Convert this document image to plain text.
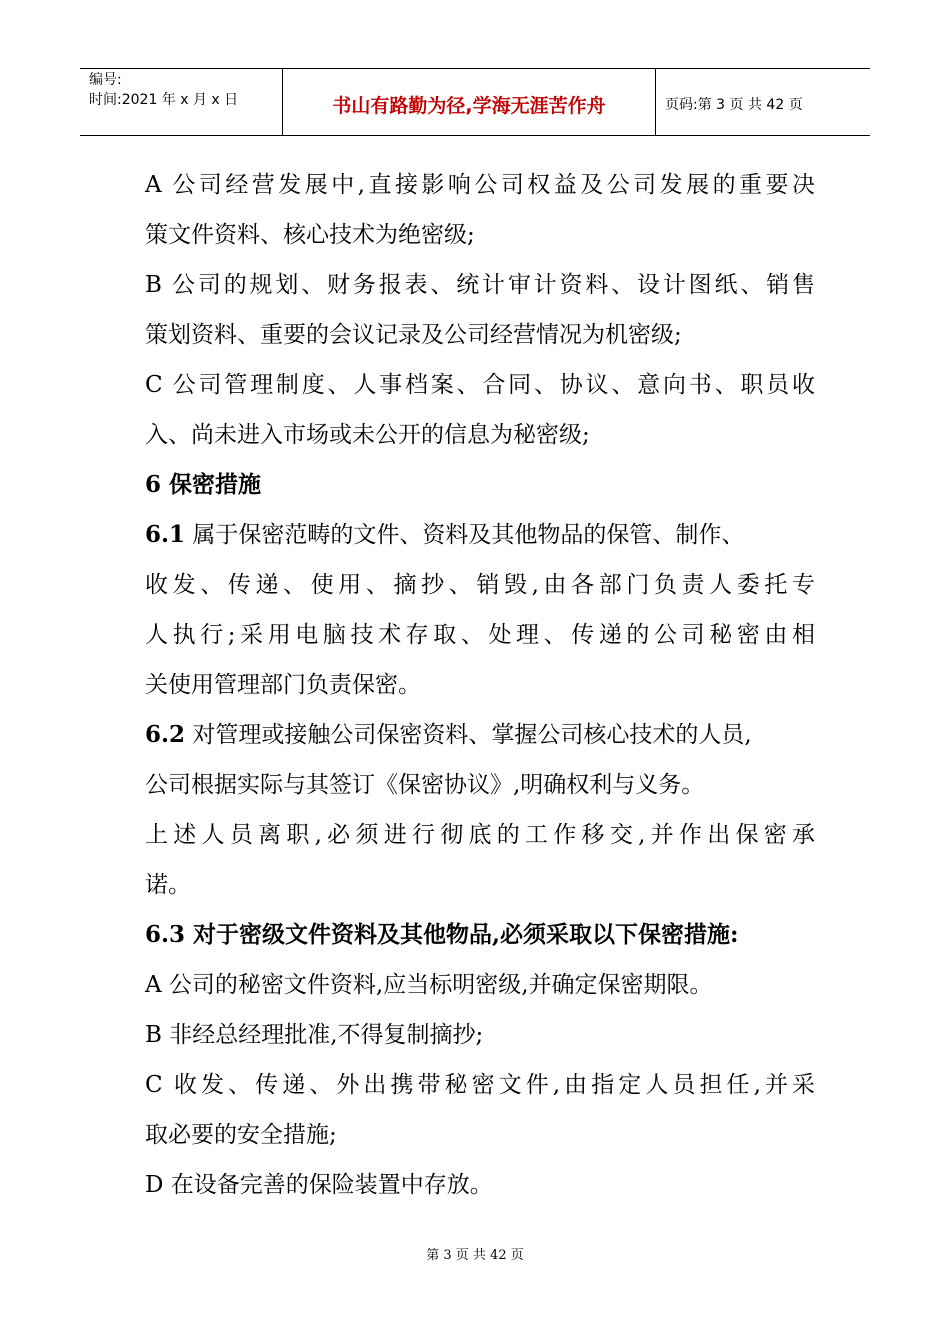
编号:
时间:2021 年 x 月 x 日	书山有路勤为径,学海无涯苦作舟	页码:第 3 页 共 42 页
A 公司经营发展中,直接影响公司权益及公司发展的重要决
策文件资料、核心技术为绝密级;
B 公司的规划、财务报表、统计审计资料、设计图纸、销售
策划资料、重要的会议记录及公司经营情况为机密级;
C 公司管理制度、人事档案、合同、协议、意向书、职员收
入、尚未进入市场或未公开的信息为秘密级;
6 保密措施
6.1 属于保密范畴的文件、资料及其他物品的保管、制作、
收发、传递、使用、摘抄、销毁,由各部门负责人委托专
人执行;采用电脑技术存取、处理、传递的公司秘密由相
关使用管理部门负责保密。
6.2 对管理或接触公司保密资料、掌握公司核心技术的人员,
公司根据实际与其签订《保密协议》,明确权利与义务。
上述人员离职,必须进行彻底的工作移交,并作出保密承
诺。
6.3 对于密级文件资料及其他物品,必须采取以下保密措施:
A 公司的秘密文件资料,应当标明密级,并确定保密期限。
B 非经总经理批准,不得复制摘抄;
C 收发、传递、外出携带秘密文件,由指定人员担任,并采
取必要的安全措施;
D 在设备完善的保险装置中存放。
第 3 页 共 42 页
